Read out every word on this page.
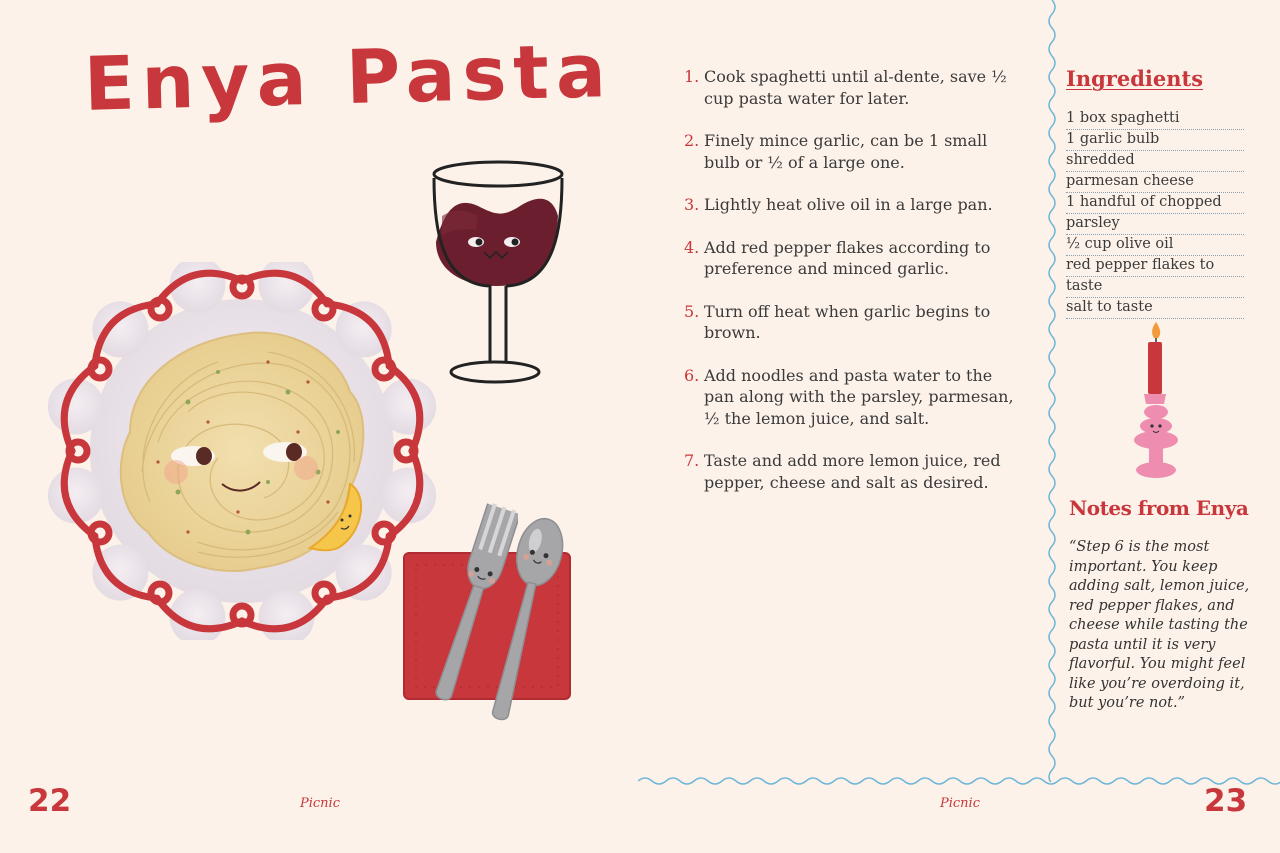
Enya Pasta	1. Cook spaghetti until al-dente, save ½ cup pasta water for later.
2. Finely mince garlic, can be 1 small bulb or ½ of a large one.
3. Lightly heat olive oil in a large pan.
4. Add red pepper flakes according to preference and minced garlic.
5. Turn off heat when garlic begins to brown.
6. Add noodles and pasta water to the pan along with the parsley, parmesan, ½ the lemon juice, and salt.
7. Taste and add more lemon juice, red pepper, cheese and salt as desired.
Ingredients
1 box spaghetti
1 garlic bulb
shredded
parmesan cheese
1 handful of chopped
parsley
½ cup olive oil
red pepper flakes to
taste
salt to taste
Notes from Enya

“Step 6 is the most important. You keep adding salt, lemon juice, red pepper flakes, and cheese while tasting the pasta until it is very flavorful. You might feel like you’re overdoing it, but you’re not.”

22	Picnic	Picnic	23
